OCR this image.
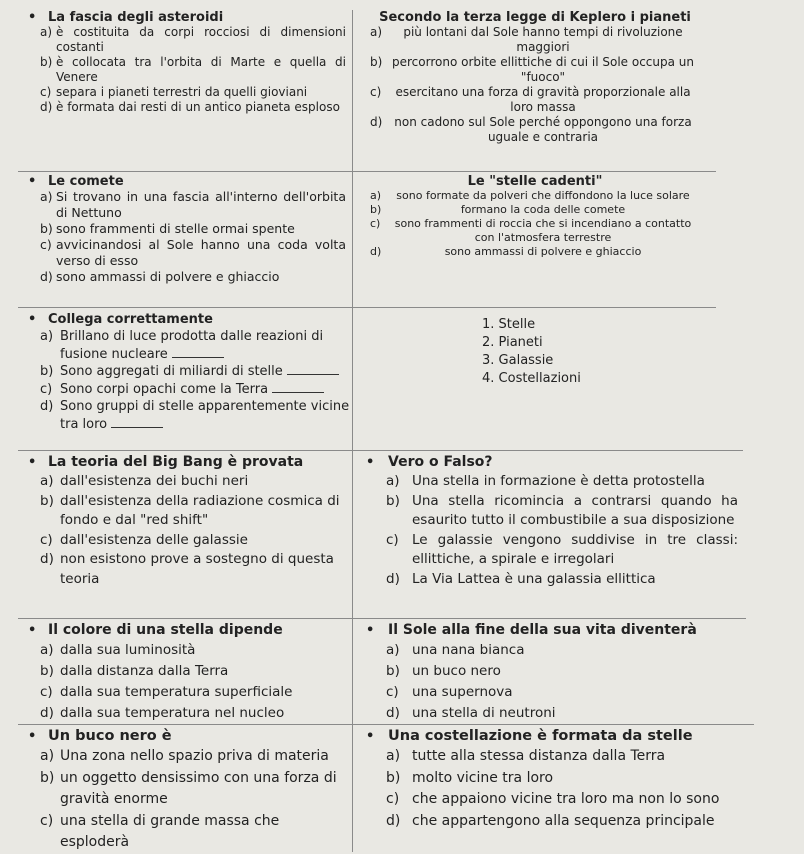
• La fascia degli asteroidi
a) è costituita da corpi rocciosi di dimensioni costanti
b) è collocata tra l'orbita di Marte e quella di Venere
c) separa i pianeti terrestri da quelli gioviani
d) è formata dai resti di un antico pianeta esploso
Secondo la terza legge di Keplero i pianeti
a) più lontani dal Sole hanno tempi di rivoluzione maggiori
b) percorrono orbite ellittiche di cui il Sole occupa un "fuoco"
c) esercitano una forza di gravità proporzionale alla loro massa
d) non cadono sul Sole perché oppongono una forza uguale e contraria
• Le comete
a) Si trovano in una fascia all'interno dell'orbita di Nettuno
b) sono frammenti di stelle ormai spente
c) avvicinandosi al Sole hanno una coda volta verso di esso
d) sono ammassi di polvere e ghiaccio
Le "stelle cadenti"
a) sono formate da polveri che diffondono la luce solare
b)	formano la coda delle comete
c) sono frammenti di roccia che si incendiano a contatto con l'atmosfera terrestre
d)	sono ammassi di polvere e ghiaccio
• Collega correttamente
a) Brillano di luce prodotta dalle reazioni di fusione nucleare
b) Sono aggregati di miliardi di stelle
c) Sono corpi opachi come la Terra
d) Sono gruppi di stelle apparentemente vicine tra loro
1. Stelle
2. Pianeti
3. Galassie
4. Costellazioni
• La teoria del Big Bang è provata
a) dall'esistenza dei buchi neri
b) dall'esistenza della radiazione cosmica di fondo e dal "red shift"
c) dall'esistenza delle galassie
d) non esistono prove a sostegno di questa teoria
• Vero o Falso?
a) Una stella in formazione è detta protostella
b) Una stella ricomincia a contrarsi quando ha esaurito tutto il combustibile a sua disposizione
c) Le galassie vengono suddivise in tre classi: ellittiche, a spirale e irregolari
d) La Via Lattea è una galassia ellittica
• Il colore di una stella dipende
a) dalla sua luminosità
b) dalla distanza dalla Terra
c) dalla sua temperatura superficiale
d) dalla sua temperatura nel nucleo
• Il Sole alla fine della sua vita diventerà
a) una nana bianca
b) un buco nero
c) una supernova
d) una stella di neutroni
• Un buco nero è
a) Una zona nello spazio priva di materia
b) un oggetto densissimo con una forza di gravità enorme
c) una stella di grande massa che esploderà
• Una costellazione è formata da stelle
a) tutte alla stessa distanza dalla Terra
b) molto vicine tra loro
c) che appaiono vicine tra loro ma non lo sono
d) che appartengono alla sequenza principale
